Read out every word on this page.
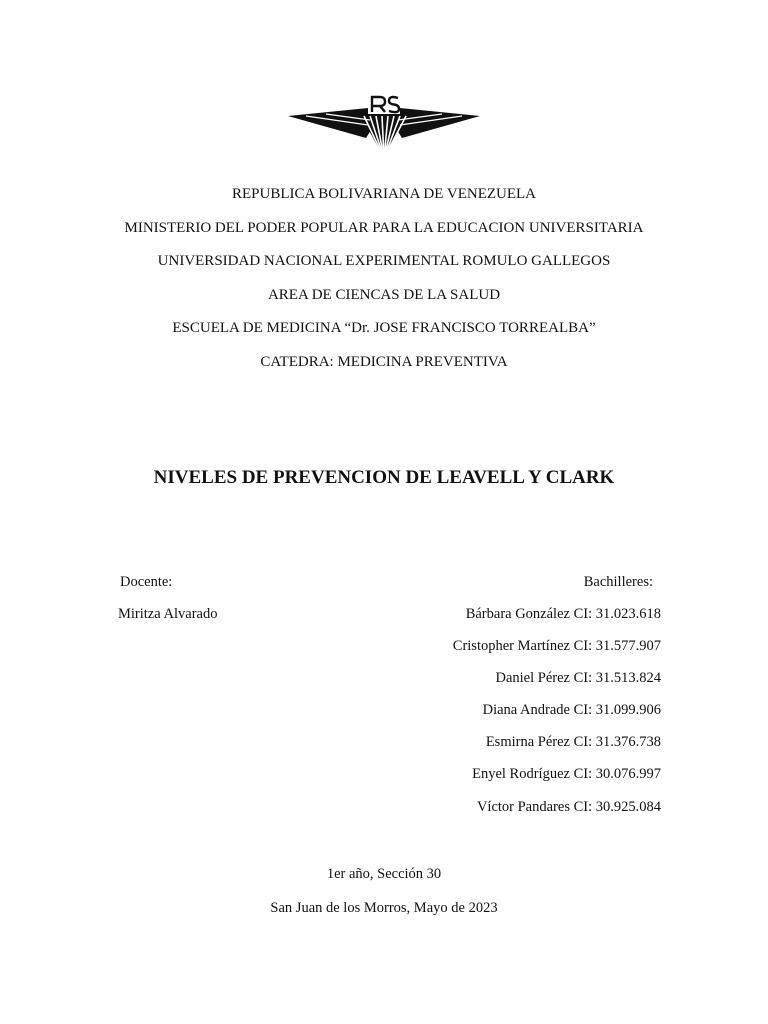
REPUBLICA BOLIVARIANA DE VENEZUELA
MINISTERIO DEL PODER POPULAR PARA LA EDUCACION UNIVERSITARIA
UNIVERSIDAD NACIONAL EXPERIMENTAL ROMULO GALLEGOS
AREA DE CIENCAS DE LA SALUD
ESCUELA DE MEDICINA “Dr. JOSE FRANCISCO TORREALBA”
CATEDRA: MEDICINA PREVENTIVA
NIVELES DE PREVENCION DE LEAVELL Y CLARK
Docente:
Miritza Alvarado
Bachilleres:
Bárbara González CI: 31.023.618
Cristopher Martínez CI: 31.577.907
Daniel Pérez CI: 31.513.824
Diana Andrade CI: 31.099.906
Esmirna Pérez CI: 31.376.738
Enyel Rodríguez CI: 30.076.997
Víctor Pandares CI: 30.925.084
1er año, Sección 30
San Juan de los Morros, Mayo de 2023
